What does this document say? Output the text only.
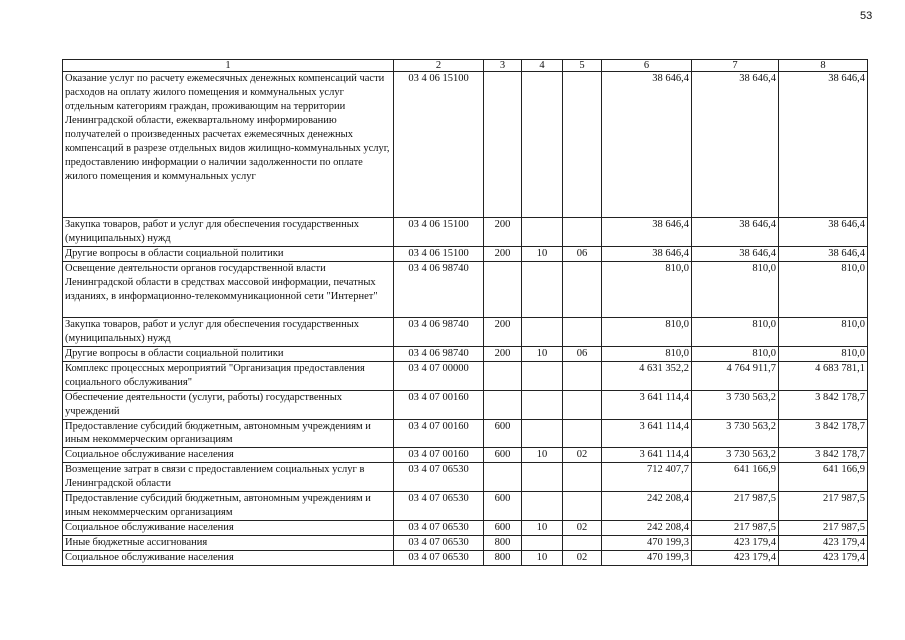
53
1	2	3	4	5	6	7	8
Оказание услуг по расчету ежемесячных денежных компенсаций части расходов на оплату жилого помещения и коммунальных услуг отдельным категориям граждан, проживающим на территории Ленинградской области, ежеквартальному информированию получателей о произведенных расчетах ежемесячных денежных компенсаций в разрезе отдельных видов жилищно-коммунальных услуг, предоставлению информации о наличии задолженности по оплате жилого помещения и коммунальных услуг	03 4 06 15100				38 646,4	38 646,4	38 646,4
Закупка товаров, работ и услуг для обеспечения государственных (муниципальных) нужд	03 4 06 15100	200			38 646,4	38 646,4	38 646,4
Другие вопросы в области социальной политики	03 4 06 15100	200	10	06	38 646,4	38 646,4	38 646,4
Освещение деятельности органов государственной власти Ленинградской области в средствах массовой информации, печатных изданиях, в информационно-телекоммуникационной сети "Интернет"	03 4 06 98740				810,0	810,0	810,0
Закупка товаров, работ и услуг для обеспечения государственных (муниципальных) нужд	03 4 06 98740	200			810,0	810,0	810,0
Другие вопросы в области социальной политики	03 4 06 98740	200	10	06	810,0	810,0	810,0
Комплекс процессных мероприятий "Организация предоставления социального обслуживания"	03 4 07 00000				4 631 352,2	4 764 911,7	4 683 781,1
Обеспечение деятельности (услуги, работы) государственных учреждений	03 4 07 00160				3 641 114,4	3 730 563,2	3 842 178,7
Предоставление субсидий бюджетным, автономным учреждениям и иным некоммерческим организациям	03 4 07 00160	600			3 641 114,4	3 730 563,2	3 842 178,7
Социальное обслуживание населения	03 4 07 00160	600	10	02	3 641 114,4	3 730 563,2	3 842 178,7
Возмещение затрат в связи с предоставлением социальных услуг в Ленинградской области	03 4 07 06530				712 407,7	641 166,9	641 166,9
Предоставление субсидий бюджетным, автономным учреждениям и иным некоммерческим организациям	03 4 07 06530	600			242 208,4	217 987,5	217 987,5
Социальное обслуживание населения	03 4 07 06530	600	10	02	242 208,4	217 987,5	217 987,5
Иные бюджетные ассигнования	03 4 07 06530	800			470 199,3	423 179,4	423 179,4
Социальное обслуживание населения	03 4 07 06530	800	10	02	470 199,3	423 179,4	423 179,4
